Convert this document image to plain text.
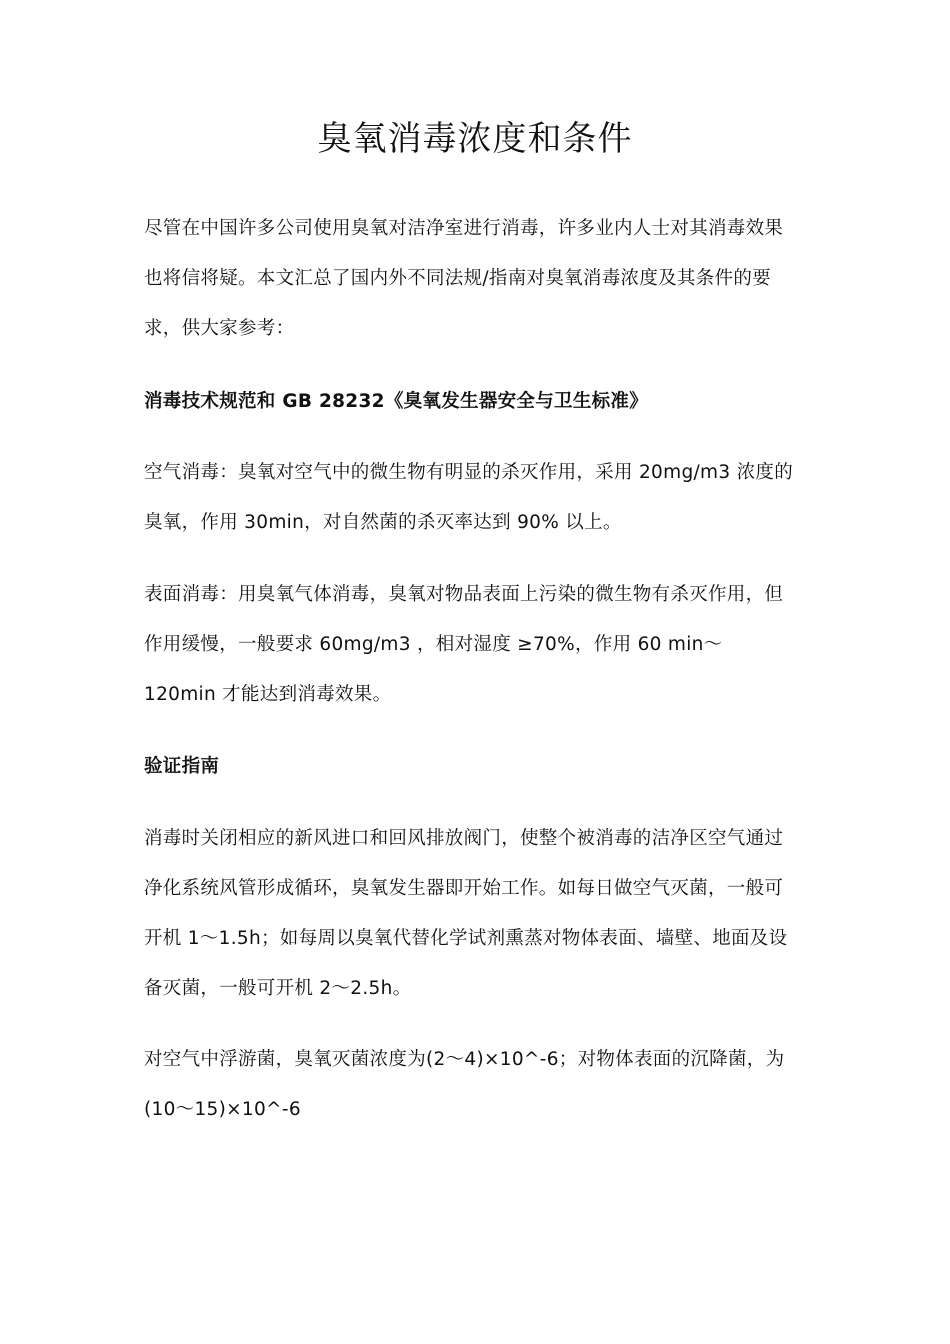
臭氧消毒浓度和条件
尽管在中国许多公司使用臭氧对洁净室进行消毒，许多业内人士对其消毒效果
也将信将疑。本文汇总了国内外不同法规/指南对臭氧消毒浓度及其条件的要
求，供大家参考：
消毒技术规范和 GB 28232《臭氧发生器安全与卫生标准》
空气消毒：臭氧对空气中的微生物有明显的杀灭作用，采用 20mg/m3 浓度的
臭氧，作用 30min，对自然菌的杀灭率达到 90% 以上。
表面消毒：用臭氧气体消毒，臭氧对物品表面上污染的微生物有杀灭作用，但
作用缓慢，一般要求 60mg/m3 ，相对湿度 ≥70%，作用 60 min～
120min 才能达到消毒效果。
验证指南
消毒时关闭相应的新风进口和回风排放阀门，使整个被消毒的洁净区空气通过
净化系统风管形成循环，臭氧发生器即开始工作。如每日做空气灭菌，一般可
开机 1～1.5h；如每周以臭氧代替化学试剂熏蒸对物体表面、墙壁、地面及设
备灭菌，一般可开机 2～2.5h。
对空气中浮游菌，臭氧灭菌浓度为(2～4)×10^-6；对物体表面的沉降菌，为
(10～15)×10^-6
